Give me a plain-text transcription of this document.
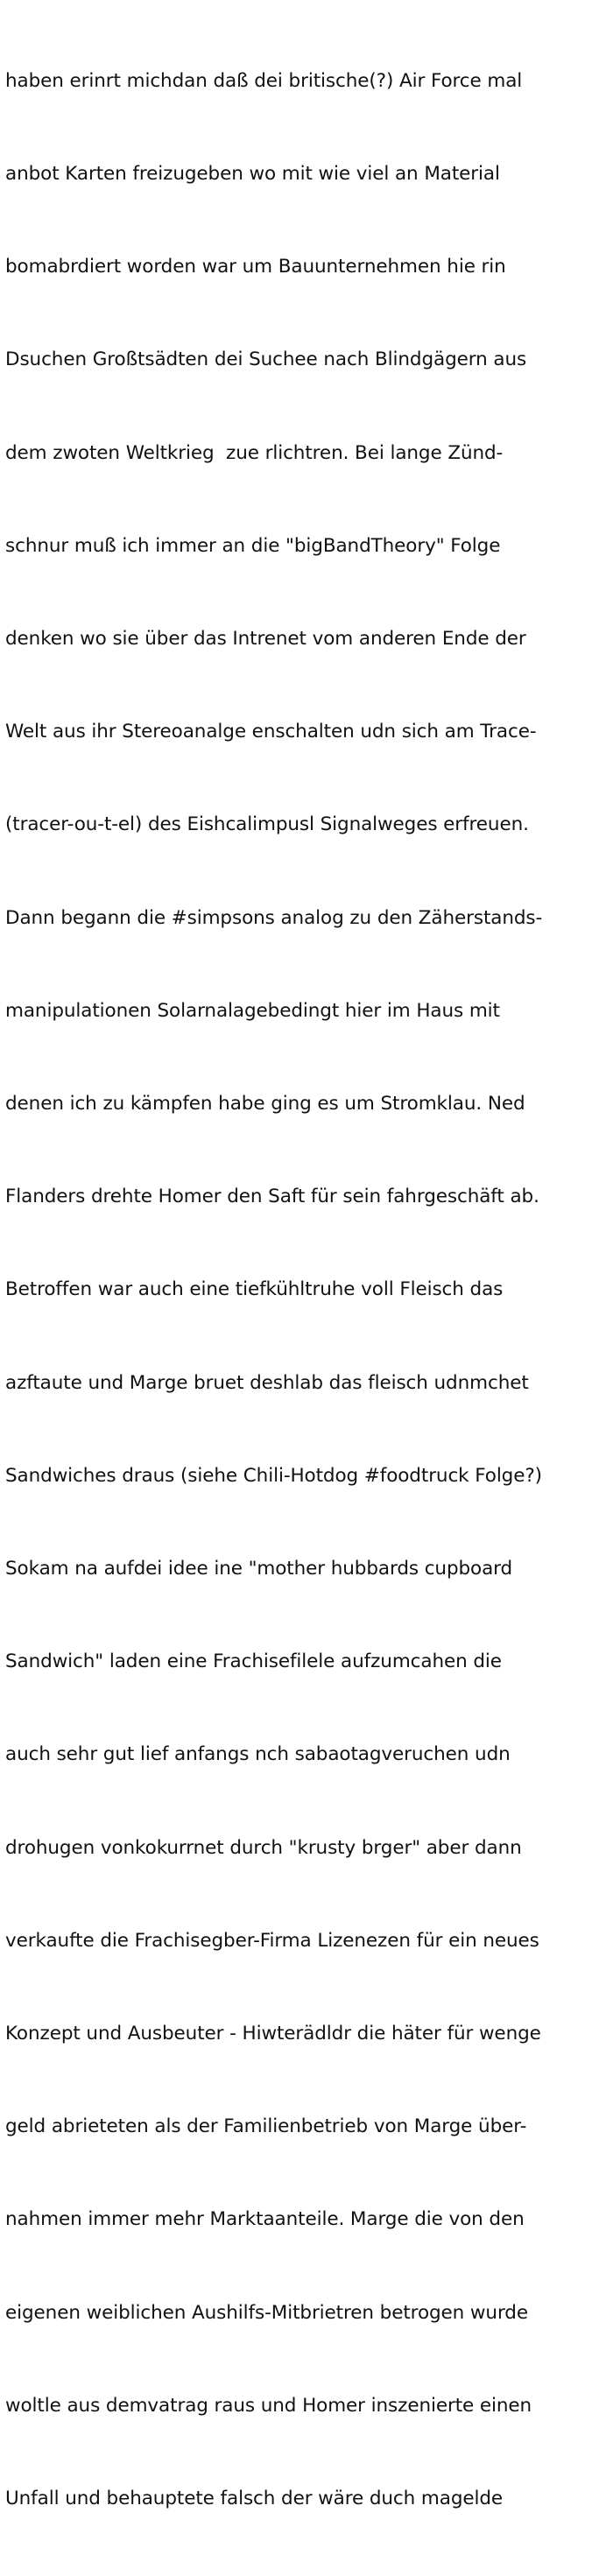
haben erinrt michdan daß dei britische(?) Air Force mal

anbot Karten freizugeben wo mit wie viel an Material

bomabrdiert worden war um Bauunternehmen hie rin

Dsuchen Großtsädten dei Suchee nach Blindgägern aus

dem zwoten Weltkrieg  zue rlichtren. Bei lange Zünd-

schnur muß ich immer an die "bigBandTheory" Folge

denken wo sie über das Intrenet vom anderen Ende der

Welt aus ihr Stereoanalge enschalten udn sich am Trace-

(tracer-ou-t-el) des Eishcalimpusl Signalweges erfreuen.

Dann begann die #simpsons analog zu den Zäherstands-

manipulationen Solarnalagebedingt hier im Haus mit

denen ich zu kämpfen habe ging es um Stromklau. Ned

Flanders drehte Homer den Saft für sein fahrgeschäft ab.

Betroffen war auch eine tiefkühltruhe voll Fleisch das

azftaute und Marge bruet deshlab das fleisch udnmchet

Sandwiches draus (siehe Chili-Hotdog #foodtruck Folge?)

Sokam na aufdei idee ine "mother hubbards cupboard

Sandwich" laden eine Frachisefilele aufzumcahen die

auch sehr gut lief anfangs nch sabaotagveruchen udn

drohugen vonkokurrnet durch "krusty brger" aber dann

verkaufte die Frachisegber-Firma Lizenezen für ein neues

Konzept und Ausbeuter - Hiwterädldr die häter für wenge

geld abrieteten als der Familienbetrieb von Marge über-

nahmen immer mehr Marktaanteile. Marge die von den

eigenen weiblichen Aushilfs-Mitbrietren betrogen wurde

woltle aus demvatrag raus und Homer inszenierte einen

Unfall und behauptete falsch der wäre duch magelde
